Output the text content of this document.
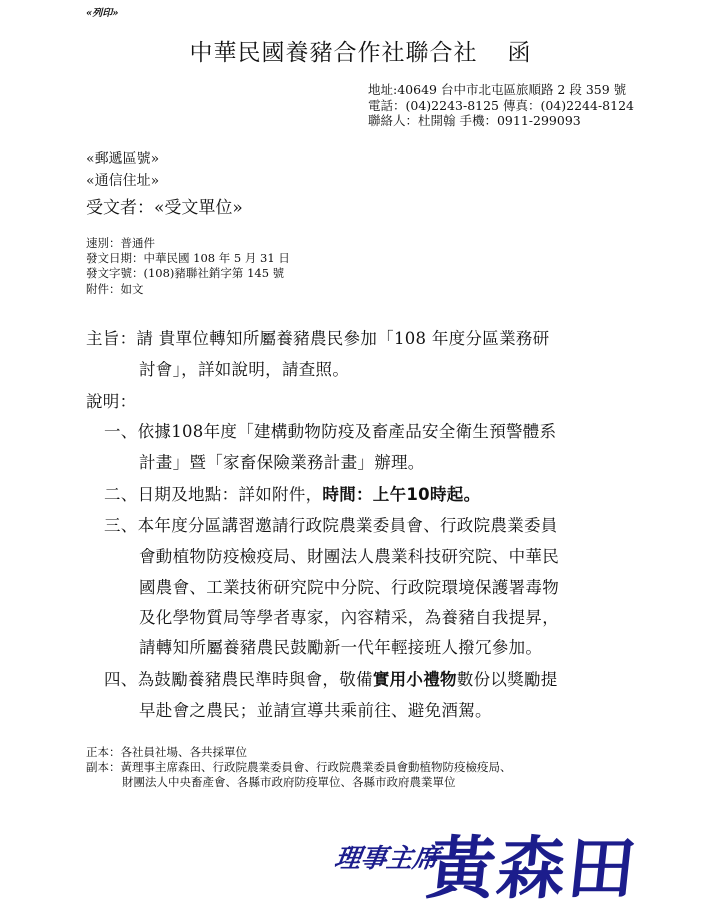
«列印»
中華民國養豬合作社聯合社 函
地址:40649 台中市北屯區旅順路 2 段 359 號
電話：(04)2243-8125 傳真：(04)2244-8124
聯絡人：杜開翰 手機：0911-299093
«郵遞區號»
«通信住址»
受文者：«受文單位»
速別：普通件
發文日期：中華民國 108 年 5 月 31 日
發文字號：(108)豬聯社銷字第 145 號
附件：如文
主旨：請 貴單位轉知所屬養豬農民參加「108 年度分區業務研
討會」，詳如說明，請查照。
說明：
一、依據108年度「建構動物防疫及畜產品安全衛生預警體系
計畫」暨「家畜保險業務計畫」辦理。
二、日期及地點：詳如附件，時間：上午10時起。
三、本年度分區講習邀請行政院農業委員會、行政院農業委員
會動植物防疫檢疫局、財團法人農業科技研究院、中華民
國農會、工業技術研究院中分院、行政院環境保護署毒物
及化學物質局等學者專家，內容精采，為養豬自我提昇，
請轉知所屬養豬農民鼓勵新一代年輕接班人撥冗參加。
四、為鼓勵養豬農民準時與會，敬備實用小禮物數份以獎勵提
早赴會之農民；並請宣導共乘前往、避免酒駕。
正本：各社員社場、各共採單位
副本：黃理事主席森田、行政院農業委員會、行政院農業委員會動植物防疫檢疫局、
財團法人中央畜產會、各縣市政府防疫單位、各縣市政府農業單位
理事主席
黃森田
